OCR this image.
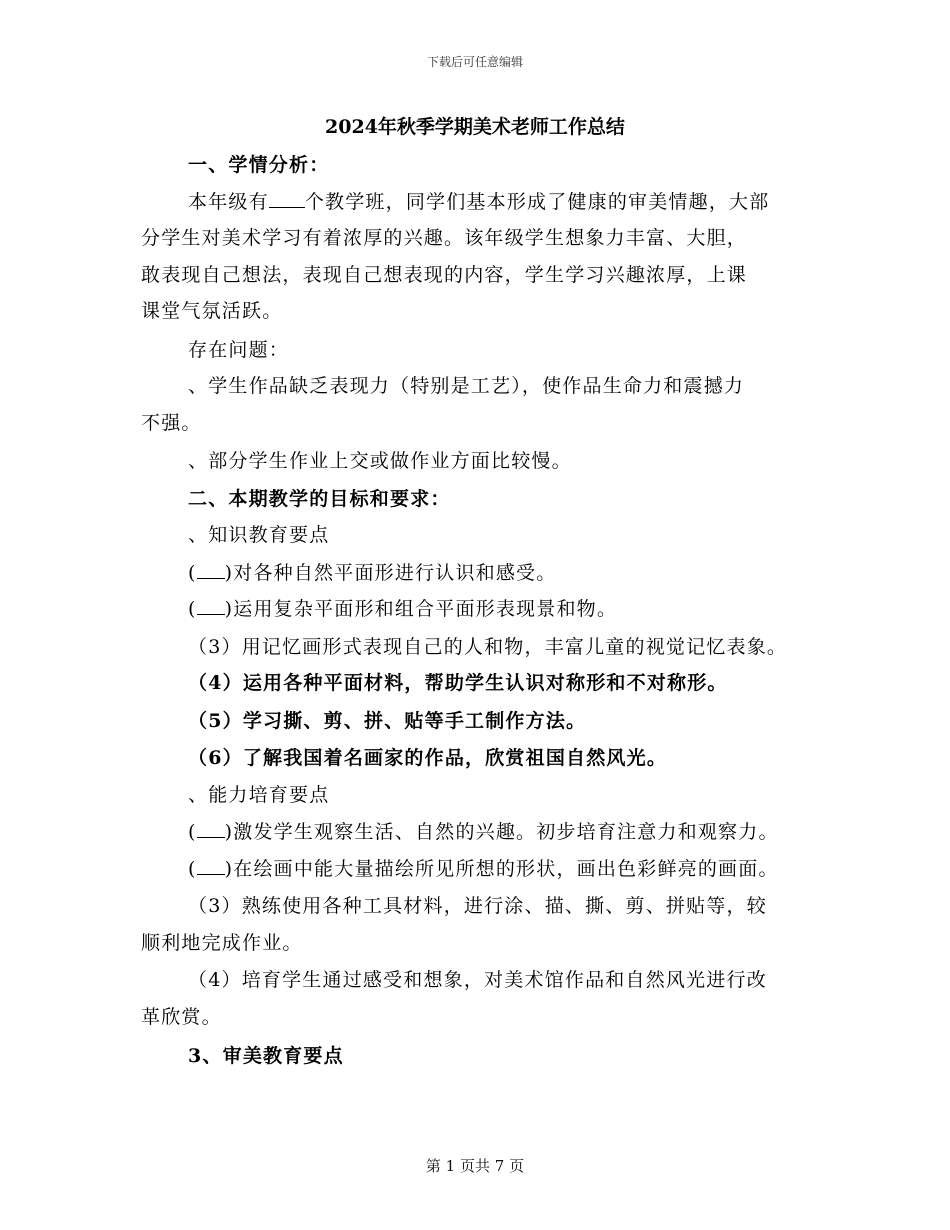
下载后可任意编辑
2024年秋季学期美术老师工作总结
一、学情分析：
本年级有 个教学班，同学们基本形成了健康的审美情趣，大部
分学生对美术学习有着浓厚的兴趣。该年级学生想象力丰富、大胆，
敢表现自己想法，表现自己想表现的内容，学生学习兴趣浓厚，上课
课堂气氛活跃。
存在问题：
、学生作品缺乏表现力（特别是工艺），使作品生命力和震撼力
不强。
、部分学生作业上交或做作业方面比较慢。
二、本期教学的目标和要求：
、知识教育要点
( )对各种自然平面形进行认识和感受。
( )运用复杂平面形和组合平面形表现景和物。
（3）用记忆画形式表现自己的人和物，丰富儿童的视觉记忆表象。
（4）运用各种平面材料，帮助学生认识对称形和不对称形。
（5）学习撕、剪、拼、贴等手工制作方法。
（6）了解我国着名画家的作品，欣赏祖国自然风光。
、能力培育要点
( )激发学生观察生活、自然的兴趣。初步培育注意力和观察力。
( )在绘画中能大量描绘所见所想的形状，画出色彩鲜亮的画面。
（3）熟练使用各种工具材料，进行涂、描、撕、剪、拼贴等，较
顺利地完成作业。
（4）培育学生通过感受和想象，对美术馆作品和自然风光进行改
革欣赏。
3、审美教育要点
第 1 页共 7 页
